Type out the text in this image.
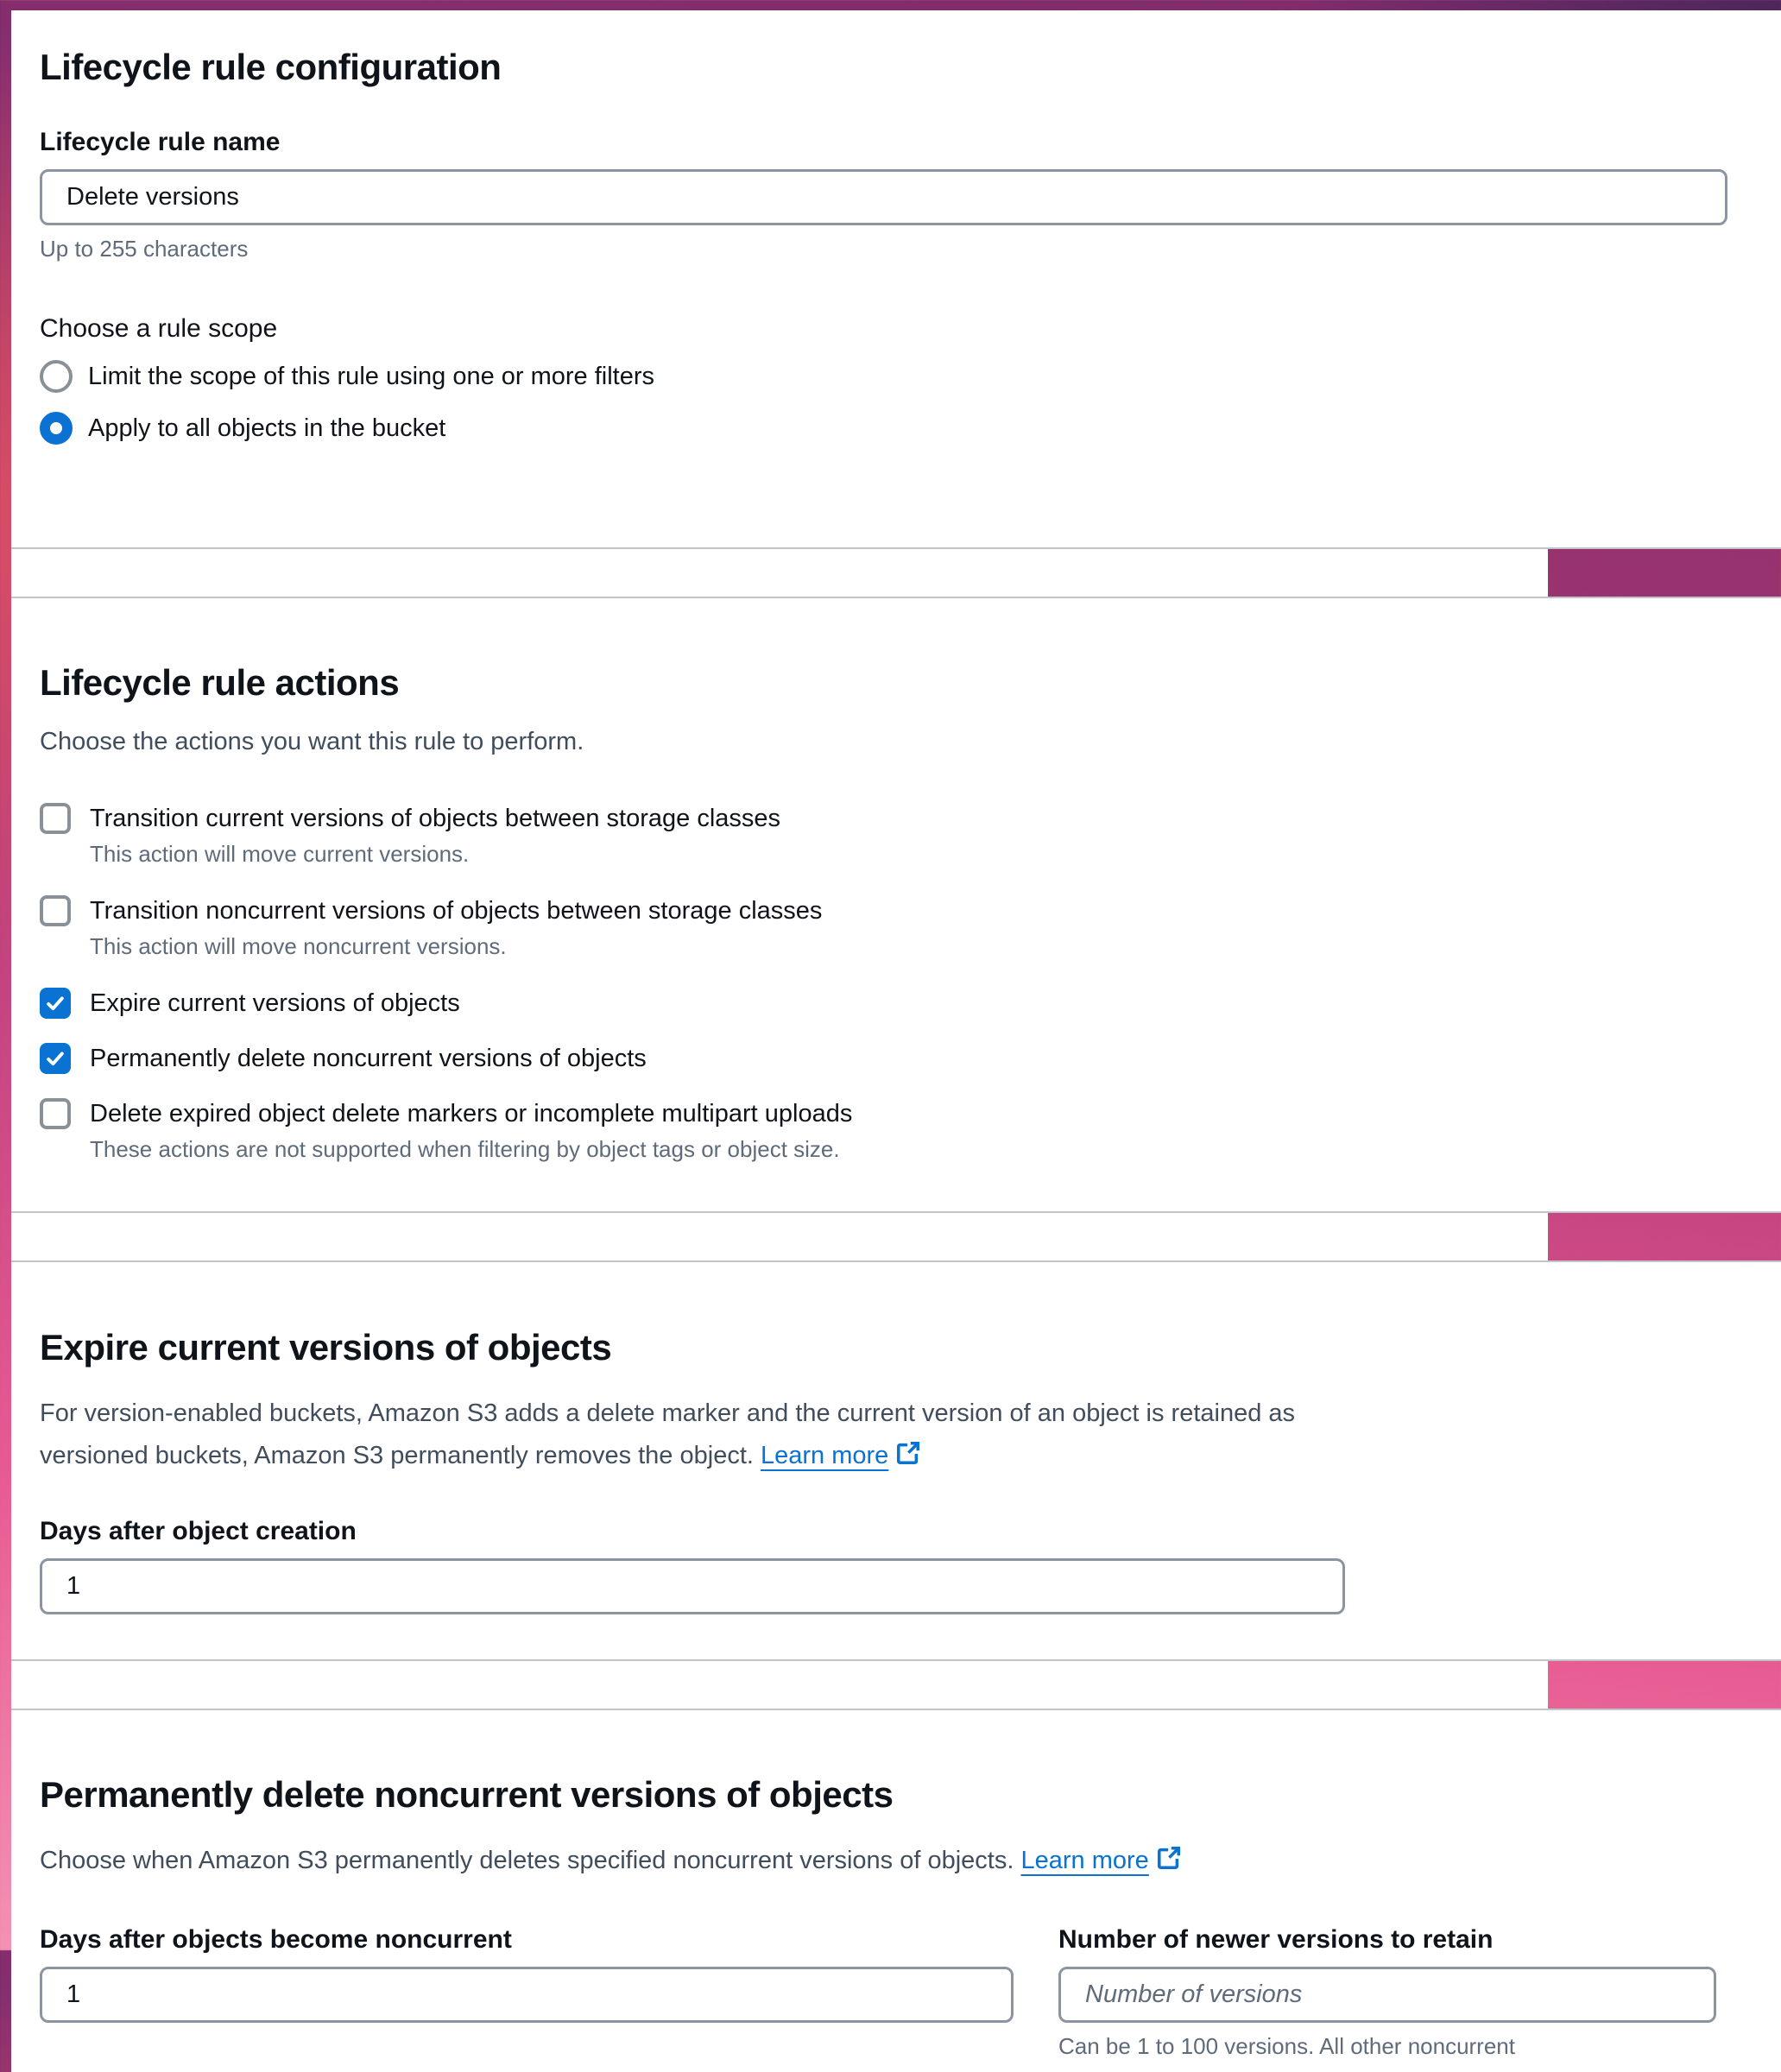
Lifecycle rule configuration
Lifecycle rule name
Delete versions
Up to 255 characters
Choose a rule scope
Limit the scope of this rule using one or more filters
Apply to all objects in the bucket
Lifecycle rule actions
Choose the actions you want this rule to perform.
Transition current versions of objects between storage classes
This action will move current versions.
Transition noncurrent versions of objects between storage classes
This action will move noncurrent versions.
Expire current versions of objects
Permanently delete noncurrent versions of objects
Delete expired object delete markers or incomplete multipart uploads
These actions are not supported when filtering by object tags or object size.
Expire current versions of objects
For version-enabled buckets, Amazon S3 adds a delete marker and the current version of an object is retained as
versioned buckets, Amazon S3 permanently removes the object. Learn more
Days after object creation
1
Permanently delete noncurrent versions of objects
Choose when Amazon S3 permanently deletes specified noncurrent versions of objects. Learn more
Days after objects become noncurrent
1	Number of newer versions to retain
Number of versions
Can be 1 to 100 versions. All other noncurrent
